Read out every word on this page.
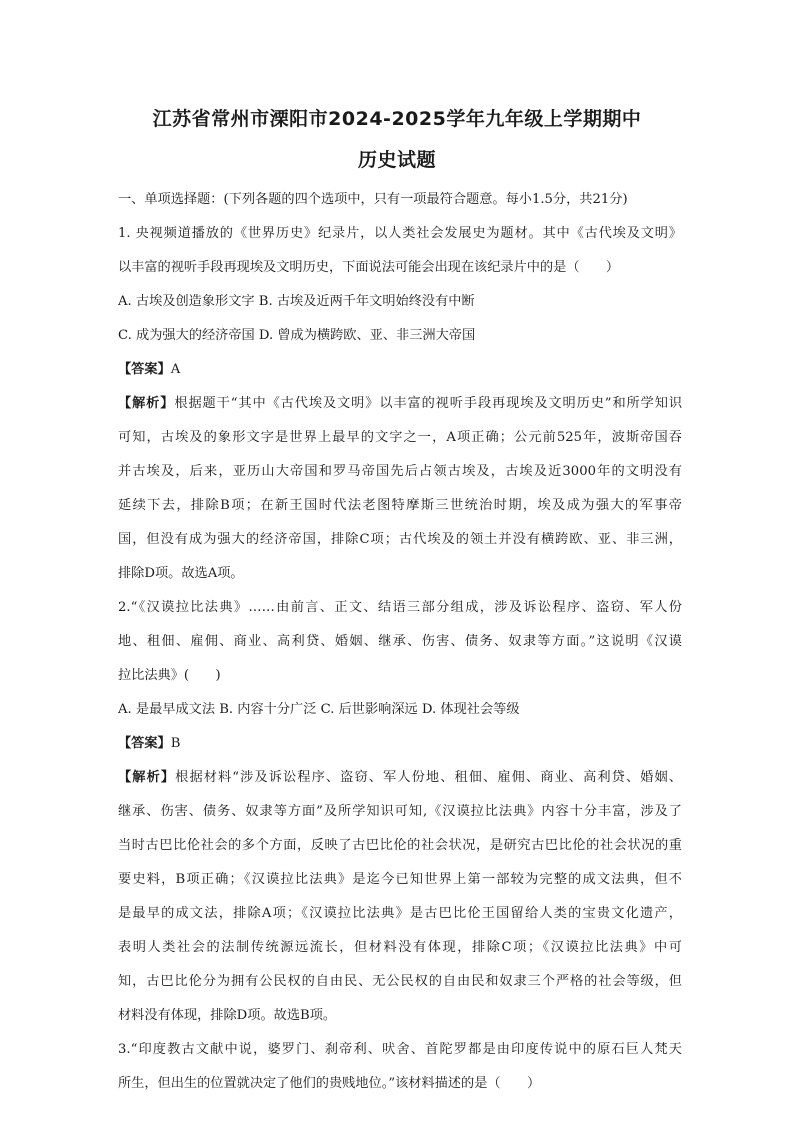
江苏省常州市溧阳市2024-2025学年九年级上学期期中
历史试题
一、单项选择题：(下列各题的四个选项中，只有一项最符合题意。每小1.5分，共21分)
1. 央视频道播放的《世界历史》纪录片，以人类社会发展史为题材。其中《古代埃及文明》
以丰富的视听手段再现埃及文明历史，下面说法可能会出现在该纪录片中的是（　　）
A. 古埃及创造象形文字 B. 古埃及近两千年文明始终没有中断
C. 成为强大的经济帝国 D. 曾成为横跨欧、亚、非三洲大帝国
【答案】A
【解析】根据题干“其中《古代埃及文明》以丰富的视听手段再现埃及文明历史”和所学知识
可知，古埃及的象形文字是世界上最早的文字之一，A项正确；公元前525年，波斯帝国吞
并古埃及，后来，亚历山大帝国和罗马帝国先后占领古埃及，古埃及近3000年的文明没有
延续下去，排除B项；在新王国时代法老图特摩斯三世统治时期，埃及成为强大的军事帝
国，但没有成为强大的经济帝国，排除C项；古代埃及的领土并没有横跨欧、亚、非三洲，
排除D项。故选A项。
2.“《汉谟拉比法典》……由前言、正文、结语三部分组成，涉及诉讼程序、盗窃、军人份
地、租佃、雇佣、商业、高利贷、婚姻、继承、伤害、债务、奴隶等方面。”这说明《汉谟
拉比法典》(　　)
A. 是最早成文法 B. 内容十分广泛 C. 后世影响深远 D. 体现社会等级
【答案】B
【解析】根据材料“涉及诉讼程序、盗窃、军人份地、租佃、雇佣、商业、高利贷、婚姻、
继承、伤害、债务、奴隶等方面”及所学知识可知,《汉谟拉比法典》内容十分丰富，涉及了
当时古巴比伦社会的多个方面，反映了古巴比伦的社会状况，是研究古巴比伦的社会状况的重
要史料，B项正确；《汉谟拉比法典》是迄今已知世界上第一部较为完整的成文法典，但不
是最早的成文法，排除A项；《汉谟拉比法典》是古巴比伦王国留给人类的宝贵文化遗产，
表明人类社会的法制传统源远流长，但材料没有体现，排除C项；《汉谟拉比法典》中可
知，古巴比伦分为拥有公民权的自由民、无公民权的自由民和奴隶三个严格的社会等级，但
材料没有体现，排除D项。故选B项。
3.“印度教古文献中说，婆罗门、刹帝利、吠舍、首陀罗都是由印度传说中的原石巨人梵天
所生，但出生的位置就决定了他们的贵贱地位。”该材料描述的是（　　）
